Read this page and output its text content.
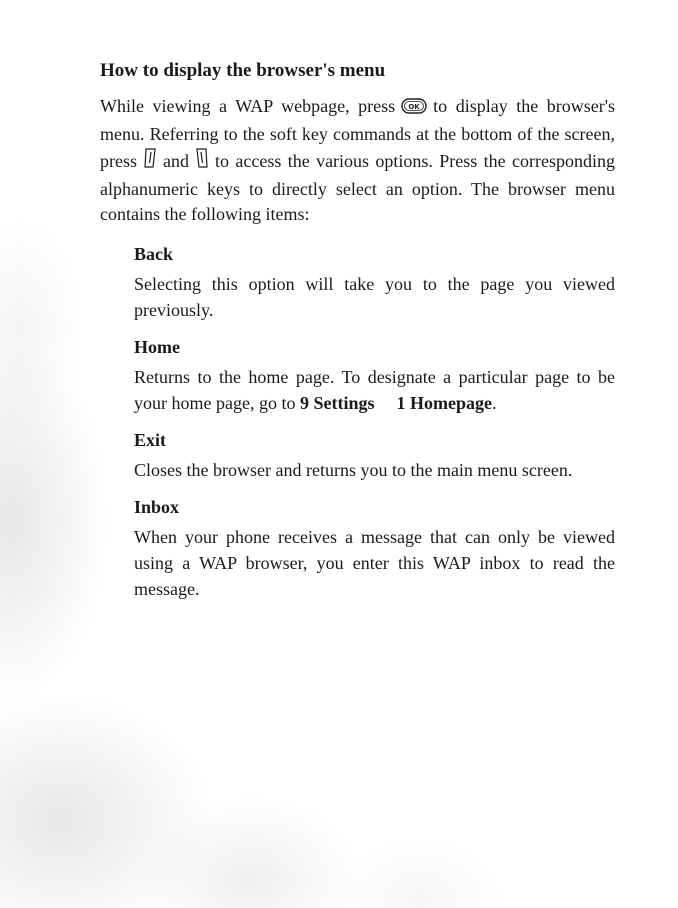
How to display the browser's menu

While viewing a WAP webpage, press OK to display the browser's menu. Referring to the soft key commands at the bottom of the screen, press and to access the various options. Press the corresponding alphanumeric keys to directly select an option. The browser menu contains the following items:

Back

Selecting this option will take you to the page you viewed previously.

Home

Returns to the home page. To designate a particular page to be your home page, go to 9 Settings 1 Homepage.

Exit

Closes the browser and returns you to the main menu screen.

Inbox

When your phone receives a message that can only be viewed using a WAP browser, you enter this WAP inbox to read the message.
